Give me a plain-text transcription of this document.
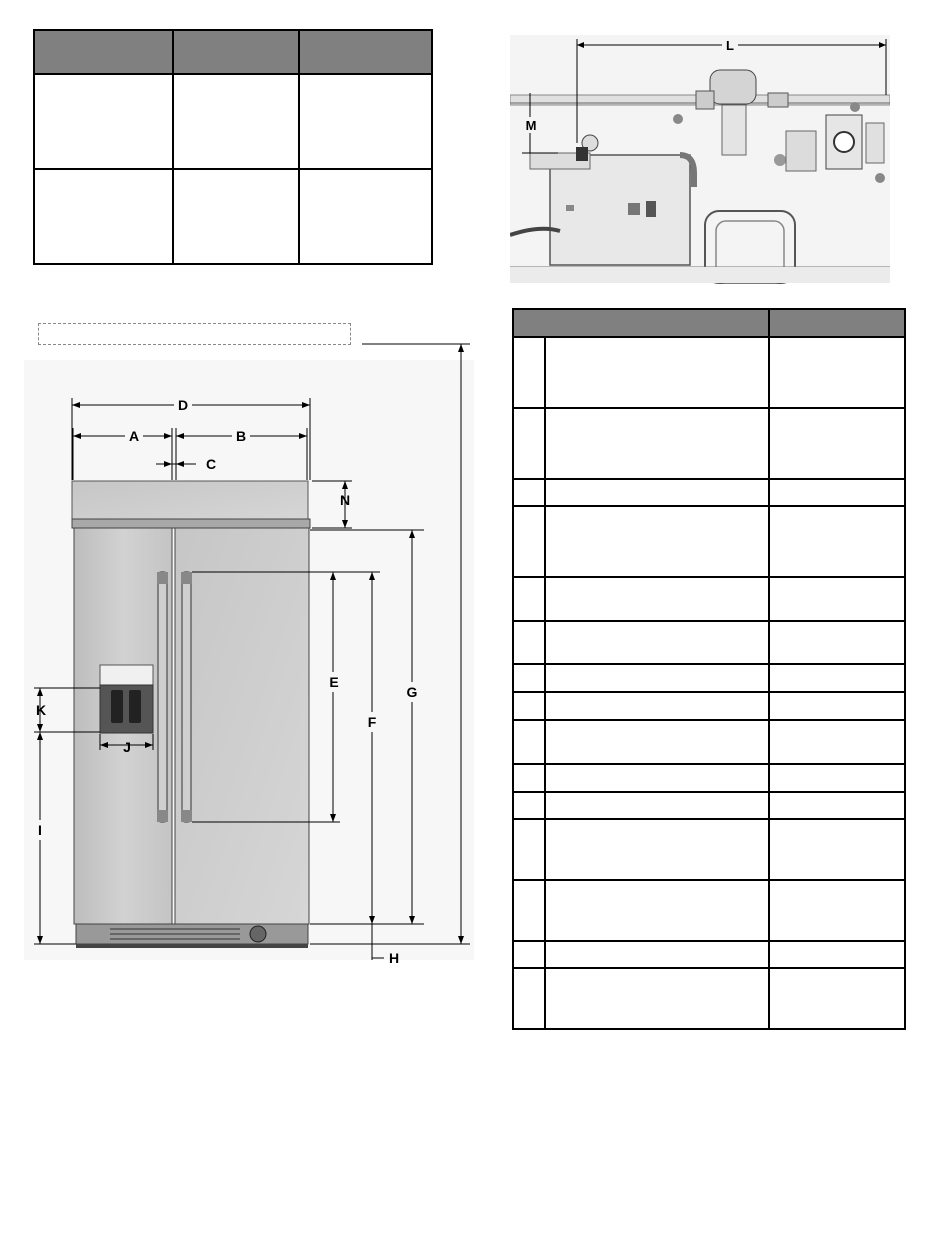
L
M
D
A	B
C
N
E
G
F
H
I
K
J
